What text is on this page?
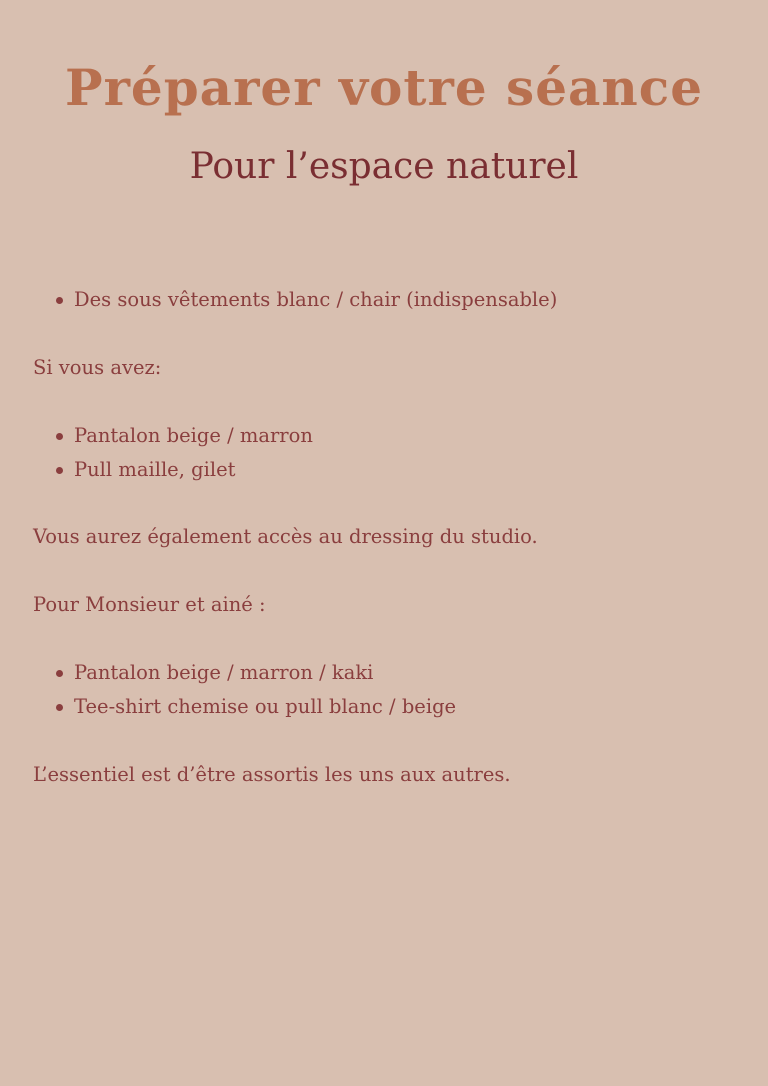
Préparer votre séance
Pour l’espace naturel
Des sous vêtements blanc / chair (indispensable)

Si vous avez:

Pantalon beige / marron
Pull maille, gilet

Vous aurez également accès au dressing du studio.

Pour Monsieur et ainé :

Pantalon beige / marron / kaki
Tee-shirt chemise ou pull blanc / beige

L’essentiel est d’être assortis les uns aux autres.
